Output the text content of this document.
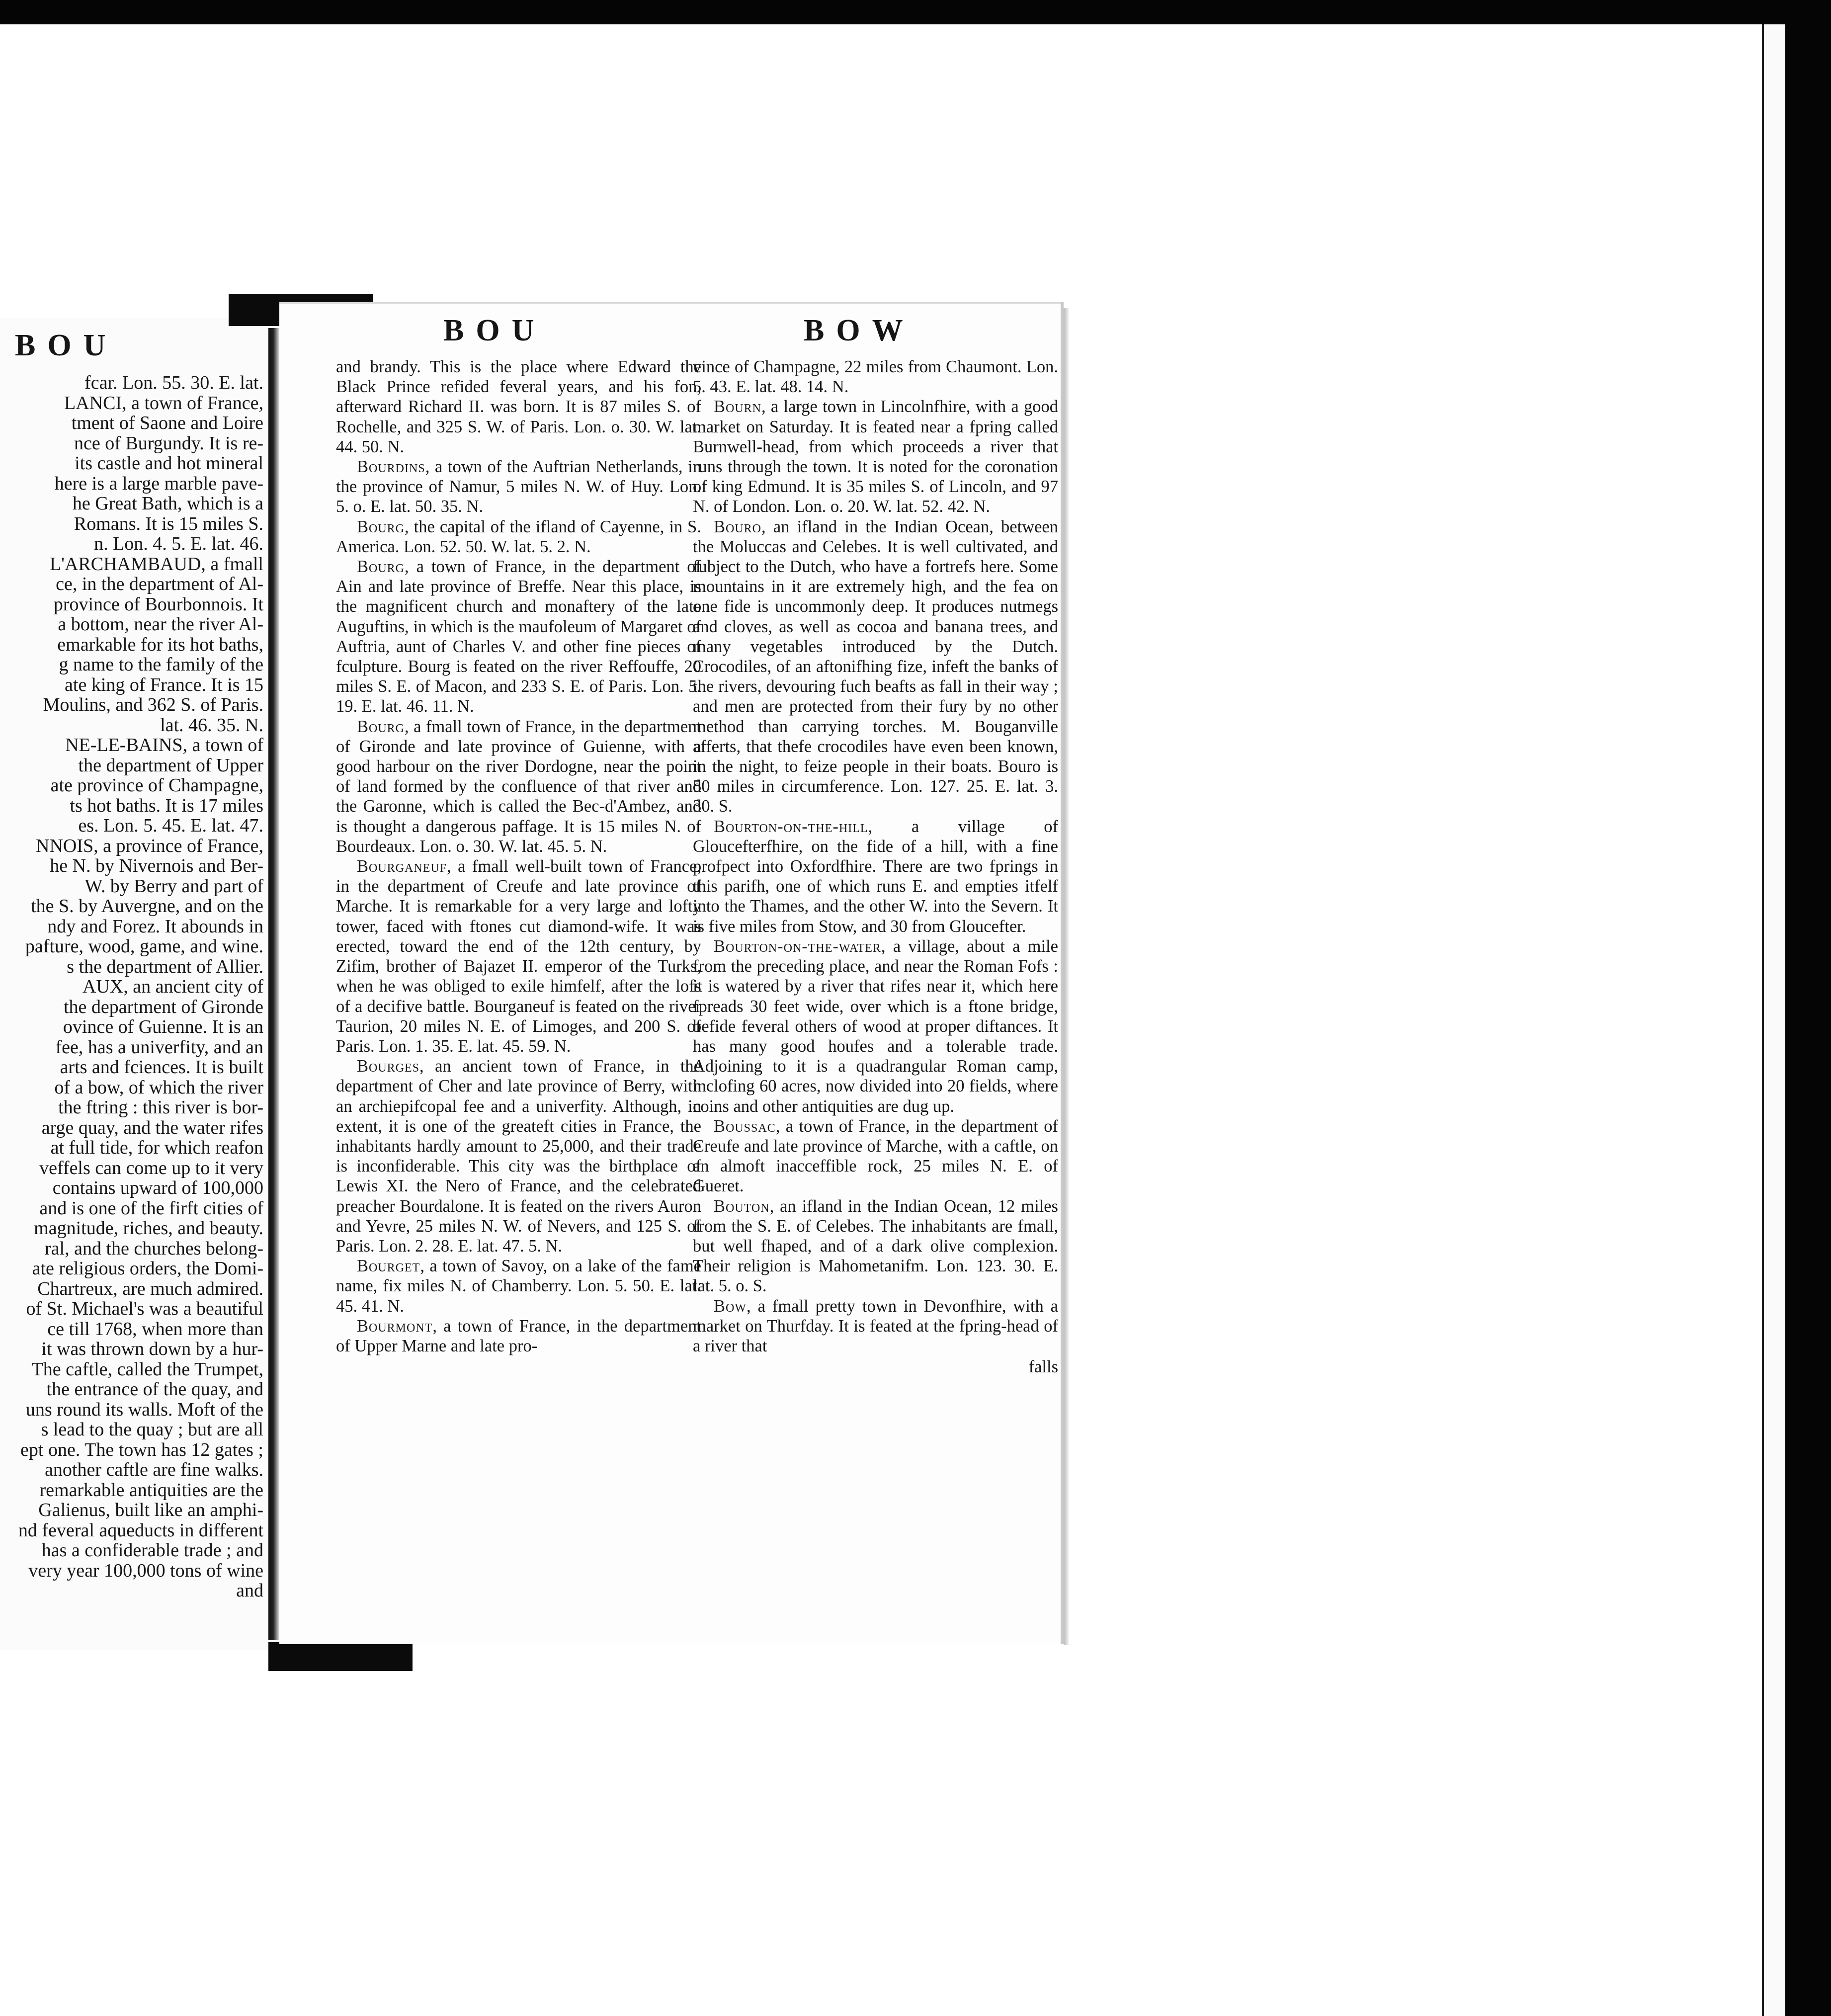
BOU
fcar. Lon. 55. 30. E. lat.
LANCI, a town of France,
tment of Saone and Loire
nce of Burgundy. It is re-
its castle and hot mineral
here is a large marble pave-
he Great Bath, which is a
Romans. It is 15 miles S.
n. Lon. 4. 5. E. lat. 46.
L'ARCHAMBAUD, a fmall
ce, in the department of Al-
province of Bourbonnois. It
a bottom, near the river Al-
emarkable for its hot baths,
g name to the family of the
ate king of France. It is 15
Moulins, and 362 S. of Paris.
lat. 46. 35. N.
NE-LE-BAINS, a town of
the department of Upper
ate province of Champagne,
ts hot baths. It is 17 miles
es. Lon. 5. 45. E. lat. 47.
NNOIS, a province of France,
he N. by Nivernois and Ber-
W. by Berry and part of
the S. by Auvergne, and on the
ndy and Forez. It abounds in
pafture, wood, game, and wine.
s the department of Allier.
AUX, an ancient city of
the department of Gironde
ovince of Guienne. It is an
fee, has a univerfity, and an
arts and fciences. It is built
of a bow, of which the river
the ftring : this river is bor-
arge quay, and the water rifes
at full tide, for which reafon
veffels can come up to it very
contains upward of 100,000
and is one of the firft cities of
magnitude, riches, and beauty.
ral, and the churches belong-
ate religious orders, the Domi-
Chartreux, are much admired.
of St. Michael's was a beautiful
ce till 1768, when more than
it was thrown down by a hur-
The caftle, called the Trumpet,
the entrance of the quay, and
uns round its walls. Moft of the
s lead to the quay ; but are all
ept one. The town has 12 gates ;
another caftle are fine walks.
remarkable antiquities are the
Galienus, built like an amphi-
nd feveral aqueducts in different
has a confiderable trade ; and
very year 100,000 tons of wine
and
BOU	BOW

and brandy. This is the place where Edward the Black Prince refided feveral years, and his fon, afterward Richard II. was born. It is 87 miles S. of Rochelle, and 325 S. W. of Paris. Lon. o. 30. W. lat. 44. 50. N.

Bourdins, a town of the Auftrian Netherlands, in the province of Namur, 5 miles N. W. of Huy. Lon. 5. o. E. lat. 50. 35. N.

Bourg, the capital of the ifland of Cayenne, in S. America. Lon. 52. 50. W. lat. 5. 2. N.

Bourg, a town of France, in the department of Ain and late province of Breffe. Near this place, is the magnificent church and monaftery of the late Auguftins, in which is the maufoleum of Margaret of Auftria, aunt of Charles V. and other fine pieces of fculpture. Bourg is feated on the river Reffouffe, 20 miles S. E. of Macon, and 233 S. E. of Paris. Lon. 5. 19. E. lat. 46. 11. N.

Bourg, a fmall town of France, in the department of Gironde and late province of Guienne, with a good harbour on the river Dordogne, near the point of land formed by the confluence of that river and the Garonne, which is called the Bec-d'Ambez, and is thought a dangerous paffage. It is 15 miles N. of Bourdeaux. Lon. o. 30. W. lat. 45. 5. N.

Bourganeuf, a fmall well-built town of France, in the department of Creufe and late province of Marche. It is remarkable for a very large and lofty tower, faced with ftones cut diamond-wife. It was erected, toward the end of the 12th century, by Zifim, brother of Bajazet II. emperor of the Turks, when he was obliged to exile himfelf, after the lofs of a decifive battle. Bourganeuf is feated on the river Taurion, 20 miles N. E. of Limoges, and 200 S. of Paris. Lon. 1. 35. E. lat. 45. 59. N.

Bourges, an ancient town of France, in the department of Cher and late province of Berry, with an archiepifcopal fee and a univerfity. Although, in extent, it is one of the greateft cities in France, the inhabitants hardly amount to 25,000, and their trade is inconfiderable. This city was the birthplace of Lewis XI. the Nero of France, and the celebrated preacher Bourdalone. It is feated on the rivers Auron and Yevre, 25 miles N. W. of Nevers, and 125 S. of Paris. Lon. 2. 28. E. lat. 47. 5. N.

Bourget, a town of Savoy, on a lake of the fame name, fix miles N. of Chamberry. Lon. 5. 50. E. lat. 45. 41. N.

Bourmont, a town of France, in the department of Upper Marne and late pro-

vince of Champagne, 22 miles from Chaumont. Lon. 5. 43. E. lat. 48. 14. N.

Bourn, a large town in Lincolnfhire, with a good market on Saturday. It is feated near a fpring called Burnwell-head, from which proceeds a river that runs through the town. It is noted for the coronation of king Edmund. It is 35 miles S. of Lincoln, and 97 N. of London. Lon. o. 20. W. lat. 52. 42. N.

Bouro, an ifland in the Indian Ocean, between the Moluccas and Celebes. It is well cultivated, and fubject to the Dutch, who have a fortrefs here. Some mountains in it are extremely high, and the fea on one fide is uncommonly deep. It produces nutmegs and cloves, as well as cocoa and banana trees, and many vegetables introduced by the Dutch. Crocodiles, of an aftonifhing fize, infeft the banks of the rivers, devouring fuch beafts as fall in their way ; and men are protected from their fury by no other method than carrying torches. M. Bouganville afferts, that thefe crocodiles have even been known, in the night, to feize people in their boats. Bouro is 50 miles in circumference. Lon. 127. 25. E. lat. 3. 30. S.

Bourton-on-the-hill, a village of Gloucefterfhire, on the fide of a hill, with a fine profpect into Oxfordfhire. There are two fprings in this parifh, one of which runs E. and empties itfelf into the Thames, and the other W. into the Severn. It is five miles from Stow, and 30 from Gloucefter.

Bourton-on-the-water, a village, about a mile from the preceding place, and near the Roman Fofs : it is watered by a river that rifes near it, which here fpreads 30 feet wide, over which is a ftone bridge, befide feveral others of wood at proper diftances. It has many good houfes and a tolerable trade. Adjoining to it is a quadrangular Roman camp, inclofing 60 acres, now divided into 20 fields, where coins and other antiquities are dug up.

Boussac, a town of France, in the department of Creufe and late province of Marche, with a caftle, on an almoft inacceffible rock, 25 miles N. E. of Gueret.

Bouton, an ifland in the Indian Ocean, 12 miles from the S. E. of Celebes. The inhabitants are fmall, but well fhaped, and of a dark olive complexion. Their religion is Mahometanifm. Lon. 123. 30. E. lat. 5. o. S.

Bow, a fmall pretty town in Devonfhire, with a market on Thurfday. It is feated at the fpring-head of a river that

falls
